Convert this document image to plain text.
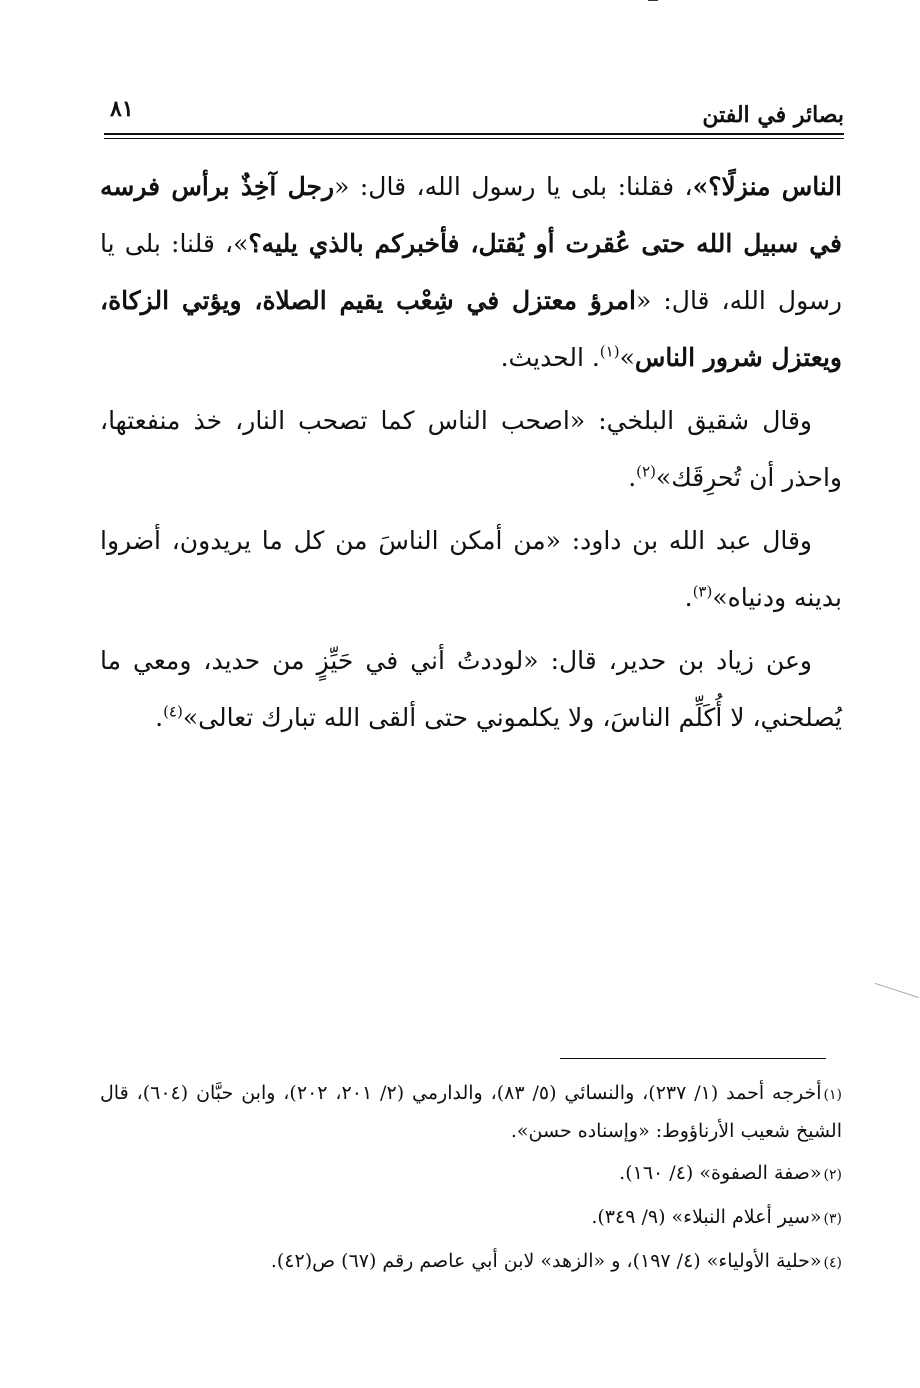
بصائر في الفتن
٨١

الناس منزلًا؟»، فقلنا: بلى يا رسول الله، قال: «رجل آخِذٌ برأس فرسه في سبيل الله حتى عُقرت أو يُقتل، فأخبركم بالذي يليه؟»، قلنا: بلى يا رسول الله، قال: «امرؤ معتزل في شِعْب يقيم الصلاة، ويؤتي الزكاة، ويعتزل شرور الناس»$^{(١)}$. الحديث.

وقال شقيق البلخي: «اصحب الناس كما تصحب النار، خذ منفعتها، واحذر أن تُحرِقَك»$^{(٢)}$.

وقال عبد الله بن داود: «من أمكن الناسَ من كل ما يريدون، أضروا بدينه ودنياه»$^{(٣)}$.

وعن زياد بن حدير، قال: «لوددتُ أني في حَيِّزٍ من حديد، ومعي ما يُصلحني، لا أُكَلِّم الناسَ، ولا يكلموني حتى ألقى الله تبارك تعالى»$^{(٤)}$.

(١)أخرجه أحمد (١/ ٢٣٧)، والنسائي (٥/ ٨٣)، والدارمي (٢/ ٢٠١، ٢٠٢)، وابن حبَّان (٦٠٤)، قال الشيخ شعيب الأرناؤوط: «وإسناده حسن».
(٢)«صفة الصفوة» (٤/ ١٦٠).
(٣)«سير أعلام النبلاء» (٩/ ٣٤٩).
(٤)«حلية الأولياء» (٤/ ١٩٧)، و «الزهد» لابن أبي عاصم رقم (٦٧) ص(٤٢).
